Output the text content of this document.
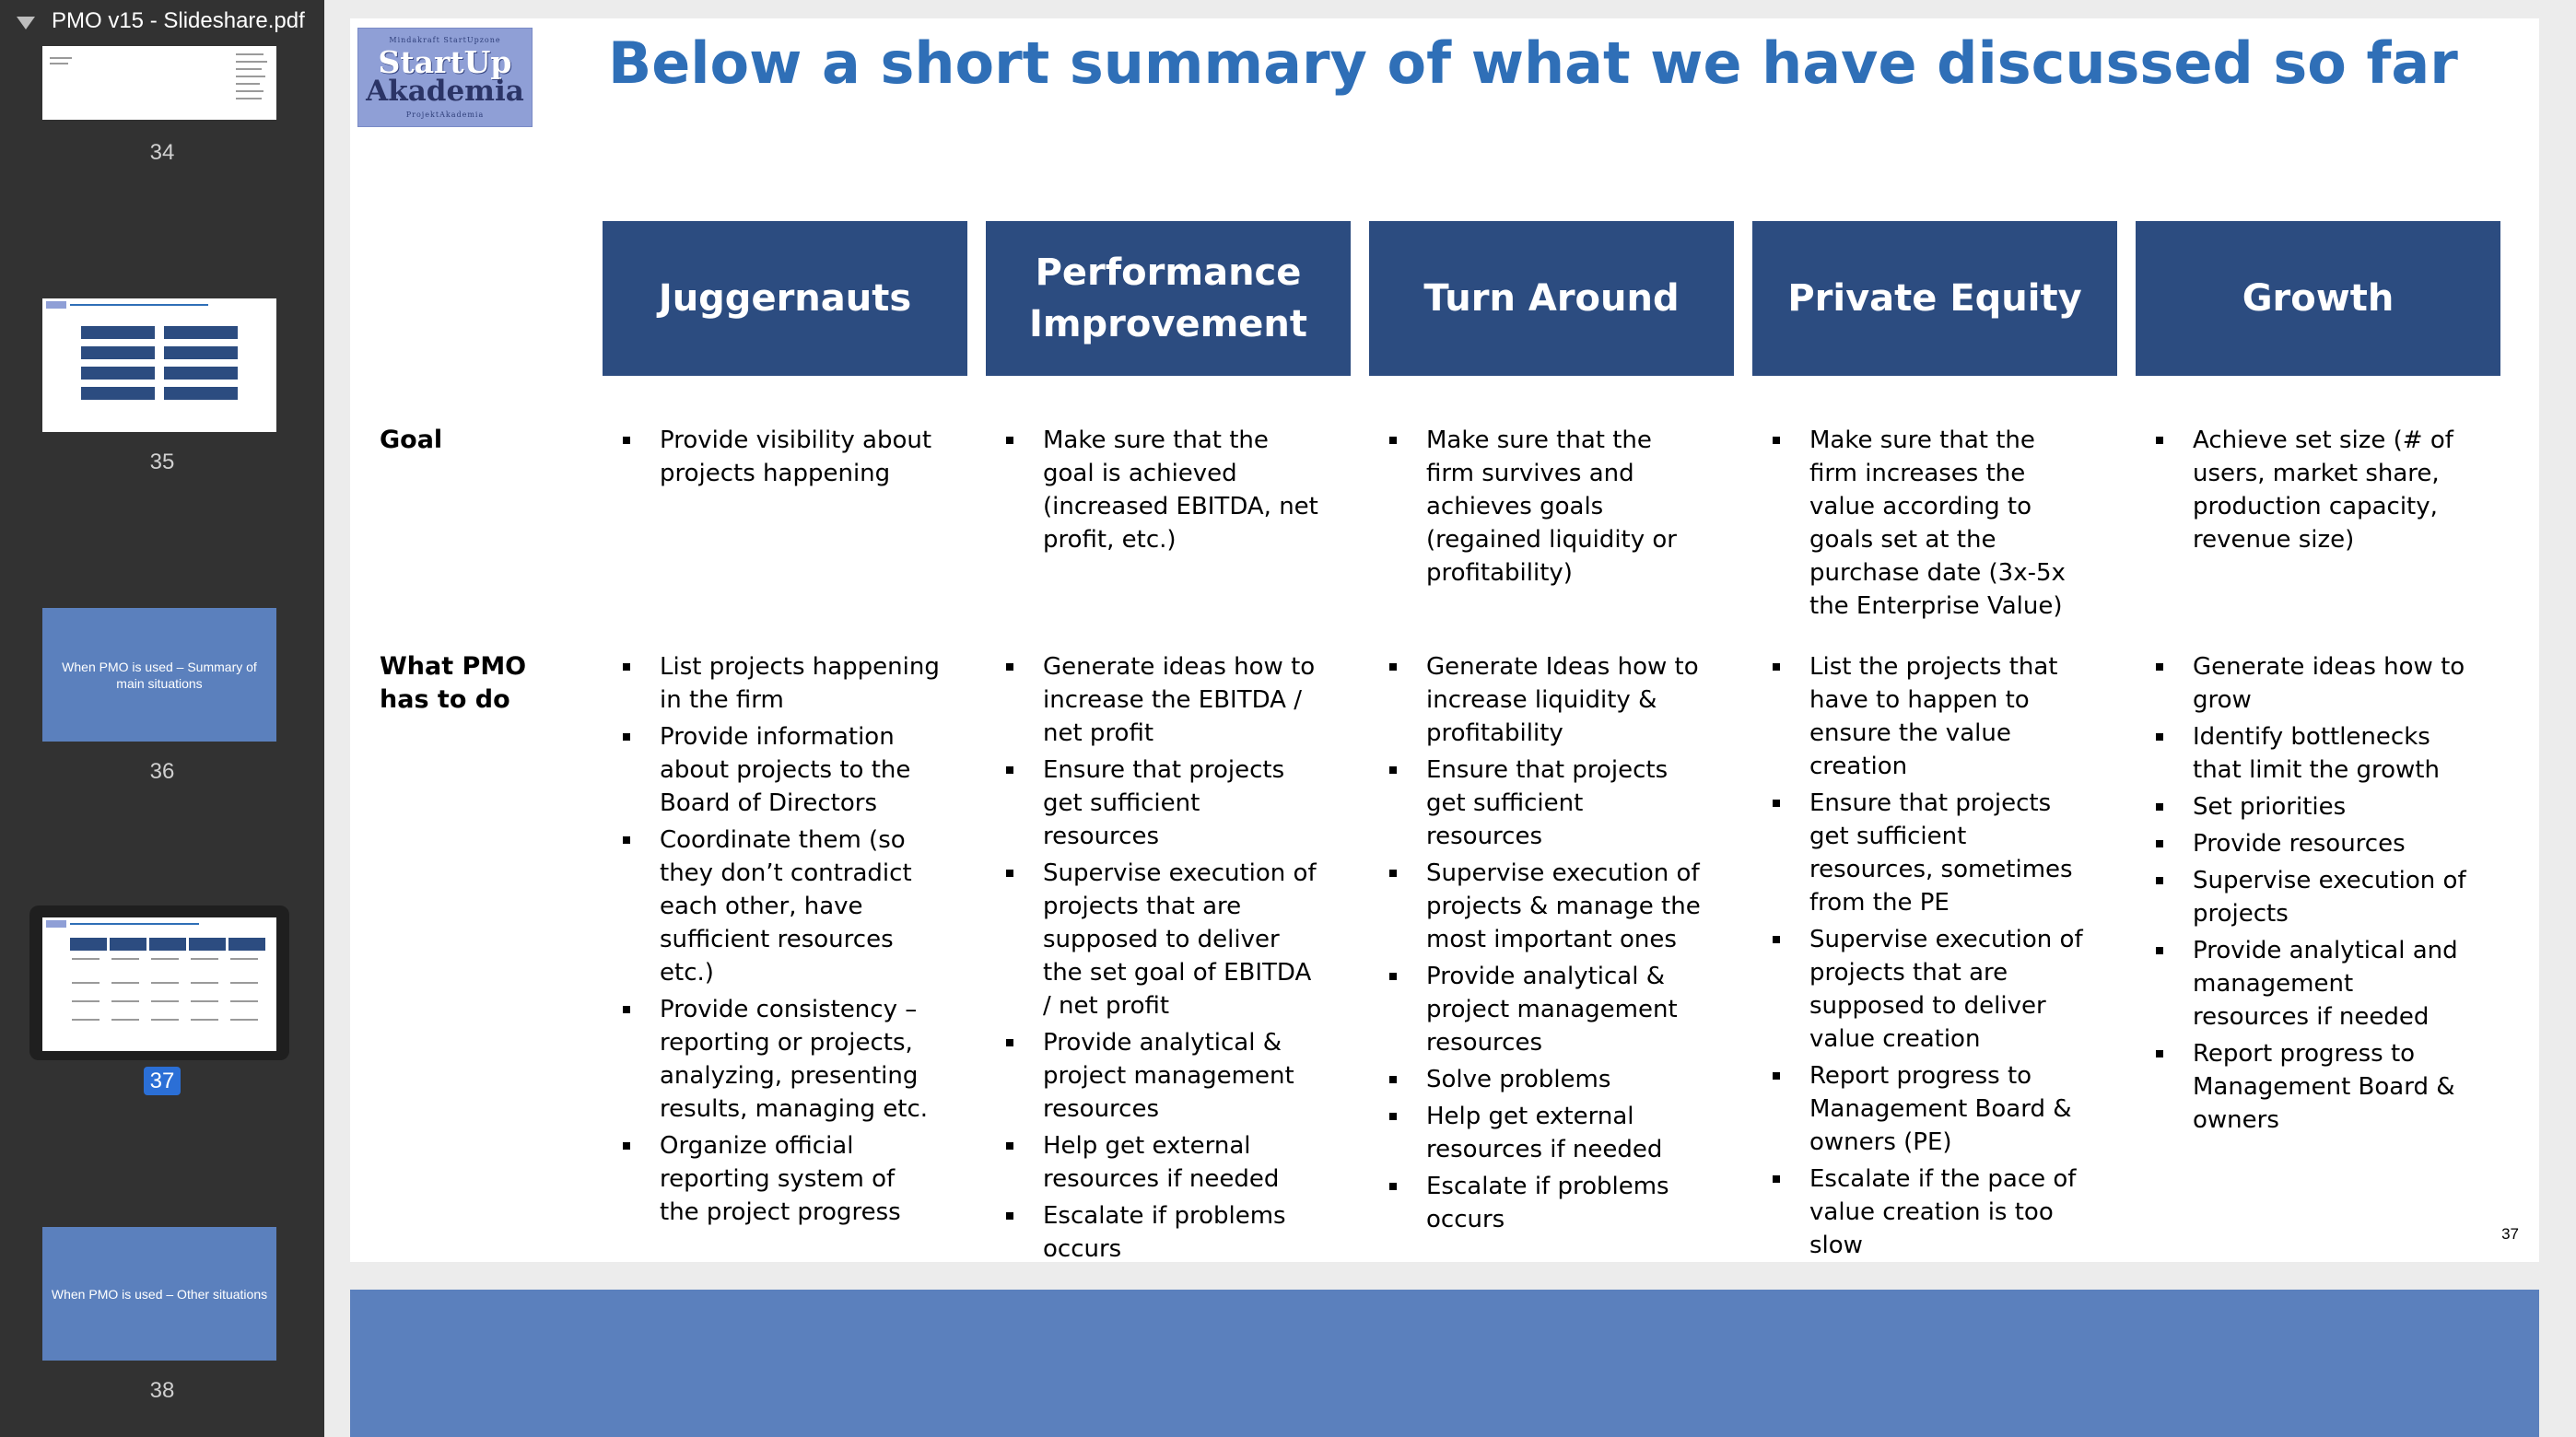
PMO v15 - Slideshare.pdf
34
35
When PMO is used – Summary of main situations
36
37
When PMO is used – Other situations
38
Mindakraft StartUpzone
StartUp
Akademia
ProjektAkademia
Below a short summary of what we have discussed so far
Juggernauts
Performance Improvement
Turn Around	Private Equity	Growth
Goal
What PMO
has to do
Provide visibility about projects happening
Make sure that the goal is achieved (increased EBITDA, net profit, etc.)
Make sure that the firm survives and achieves goals (regained liquidity or profitability)
Make sure that the firm increases the value according to goals set at the purchase date (3x-5x the Enterprise Value)
Achieve set size (# of users, market share, production capacity, revenue size)
List projects happening in the firm
Provide information about projects to the Board of Directors
Coordinate them (so they don’t contradict each other, have sufficient resources etc.)
Provide consistency – reporting or projects, analyzing, presenting results, managing etc.
Organize official reporting system of the project progress
Generate ideas how to increase the EBITDA / net profit
Ensure that projects get sufficient resources
Supervise execution of projects that are supposed to deliver the set goal of EBITDA / net profit
Provide analytical & project management resources
Help get external resources if needed
Escalate if problems occurs
Generate Ideas how to increase liquidity & profitability
Ensure that projects get sufficient resources
Supervise execution of projects & manage the most important ones
Provide analytical & project management resources
Solve problems
Help get external resources if needed
Escalate if problems occurs
List the projects that have to happen to ensure the value creation
Ensure that projects get sufficient resources, sometimes from the PE
Supervise execution of projects that are supposed to deliver value creation
Report progress to Management Board & owners (PE)
Escalate if the pace of value creation is too slow
Generate ideas how to grow
Identify bottlenecks that limit the growth
Set priorities
Provide resources
Supervise execution of projects
Provide analytical and management resources if needed
Report progress to Management Board & owners
37
